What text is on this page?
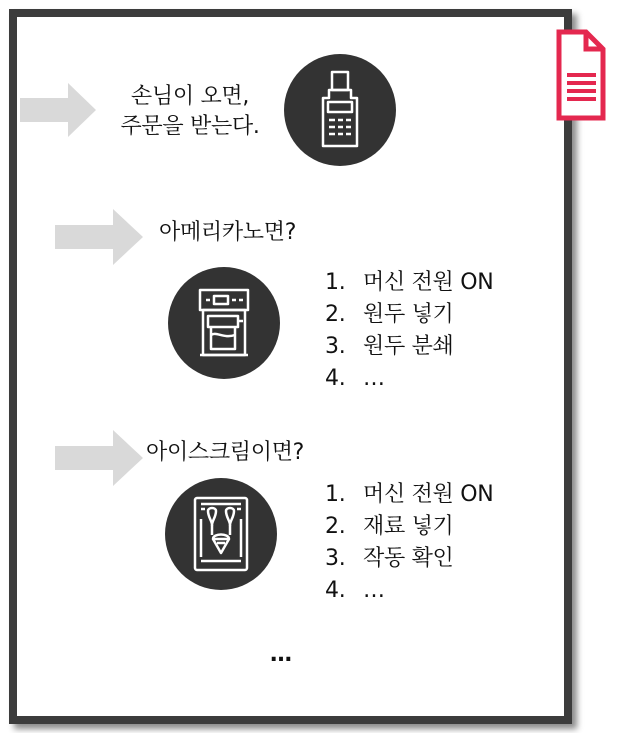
손님이 오면,
주문을 받는다.
아메리카노면?
1. 머신 전원 ON
2. 원두 넣기
3. 원두 분쇄
4. …
아이스크림이면?
1. 머신 전원 ON
2. 재료 넣기
3. 작동 확인
4. …
…
